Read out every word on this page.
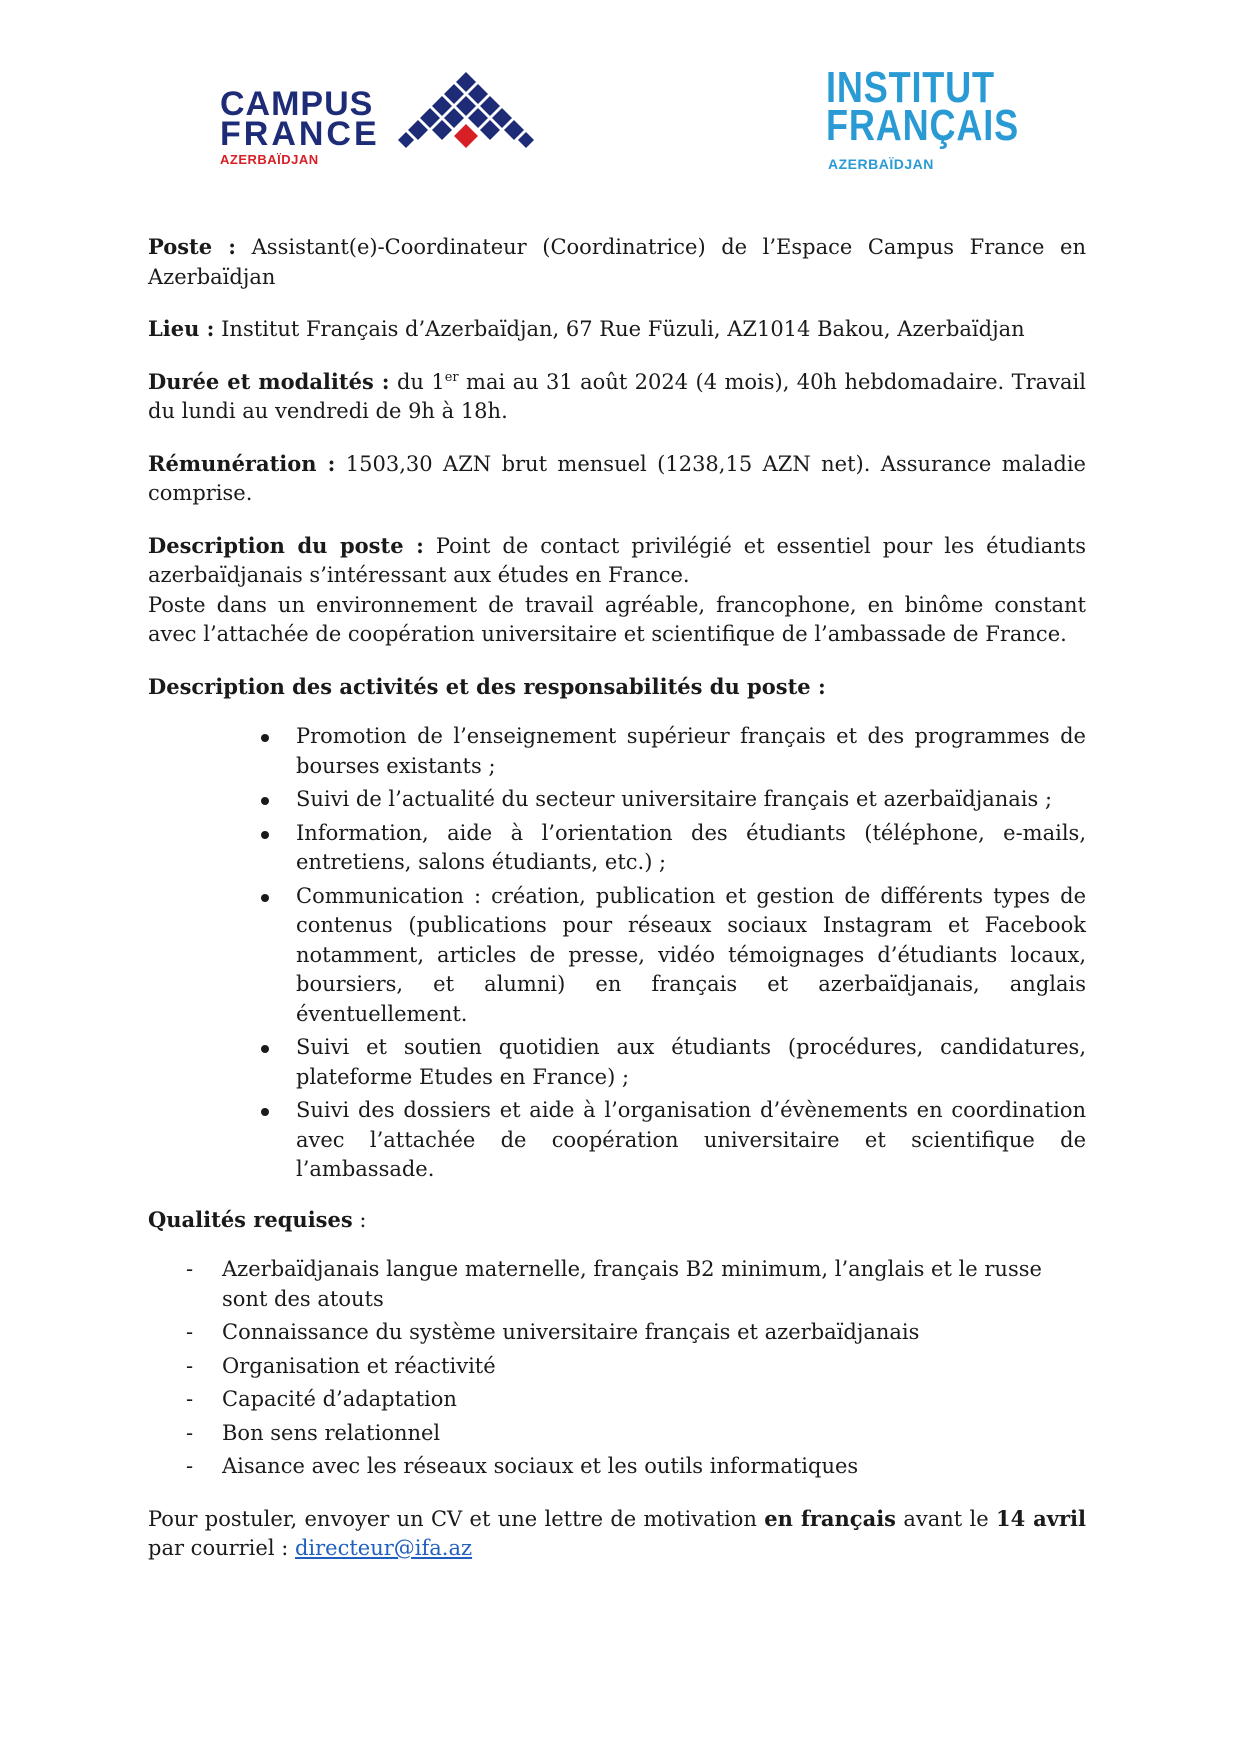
CAMPUS
FRANCE
AZERBAÏDJAN
INSTITUT
FRANÇAIS
AZERBAÏDJAN

Poste : Assistant(e)-Coordinateur (Coordinatrice) de l’Espace Campus France en Azerbaïdjan

Lieu : Institut Français d’Azerbaïdjan, 67 Rue Füzuli, AZ1014 Bakou, Azerbaïdjan

Durée et modalités : du 1er mai au 31 août 2024 (4 mois), 40h hebdomadaire. Travail du lundi au vendredi de 9h à 18h.

Rémunération : 1503,30 AZN brut mensuel (1238,15 AZN net). Assurance maladie comprise.

Description du poste : Point de contact privilégié et essentiel pour les étudiants azerbaïdjanais s’intéressant aux études en France.

Poste dans un environnement de travail agréable, francophone, en binôme constant avec l’attachée de coopération universitaire et scientifique de l’ambassade de France.

Description des activités et des responsabilités du poste :

Promotion de l’enseignement supérieur français et des programmes de bourses existants ;
Suivi de l’actualité du secteur universitaire français et azerbaïdjanais ;
Information, aide à l’orientation des étudiants (téléphone, e-mails, entretiens, salons étudiants, etc.) ;
Communication : création, publication et gestion de différents types de contenus (publications pour réseaux sociaux Instagram et Facebook notamment, articles de presse, vidéo témoignages d’étudiants locaux, boursiers, et alumni) en français et azerbaïdjanais, anglais éventuellement.
Suivi et soutien quotidien aux étudiants (procédures, candidatures, plateforme Etudes en France) ;
Suivi des dossiers et aide à l’organisation d’évènements en coordination avec l’attachée de coopération universitaire et scientifique de l’ambassade.

Qualités requises :

- Azerbaïdjanais langue maternelle, français B2 minimum, l’anglais et le russe sont des atouts
- Connaissance du système universitaire français et azerbaïdjanais
- Organisation et réactivité
- Capacité d’adaptation
- Bon sens relationnel
- Aisance avec les réseaux sociaux et les outils informatiques

Pour postuler, envoyer un CV et une lettre de motivation en français avant le 14 avril par courriel : directeur@ifa.az
